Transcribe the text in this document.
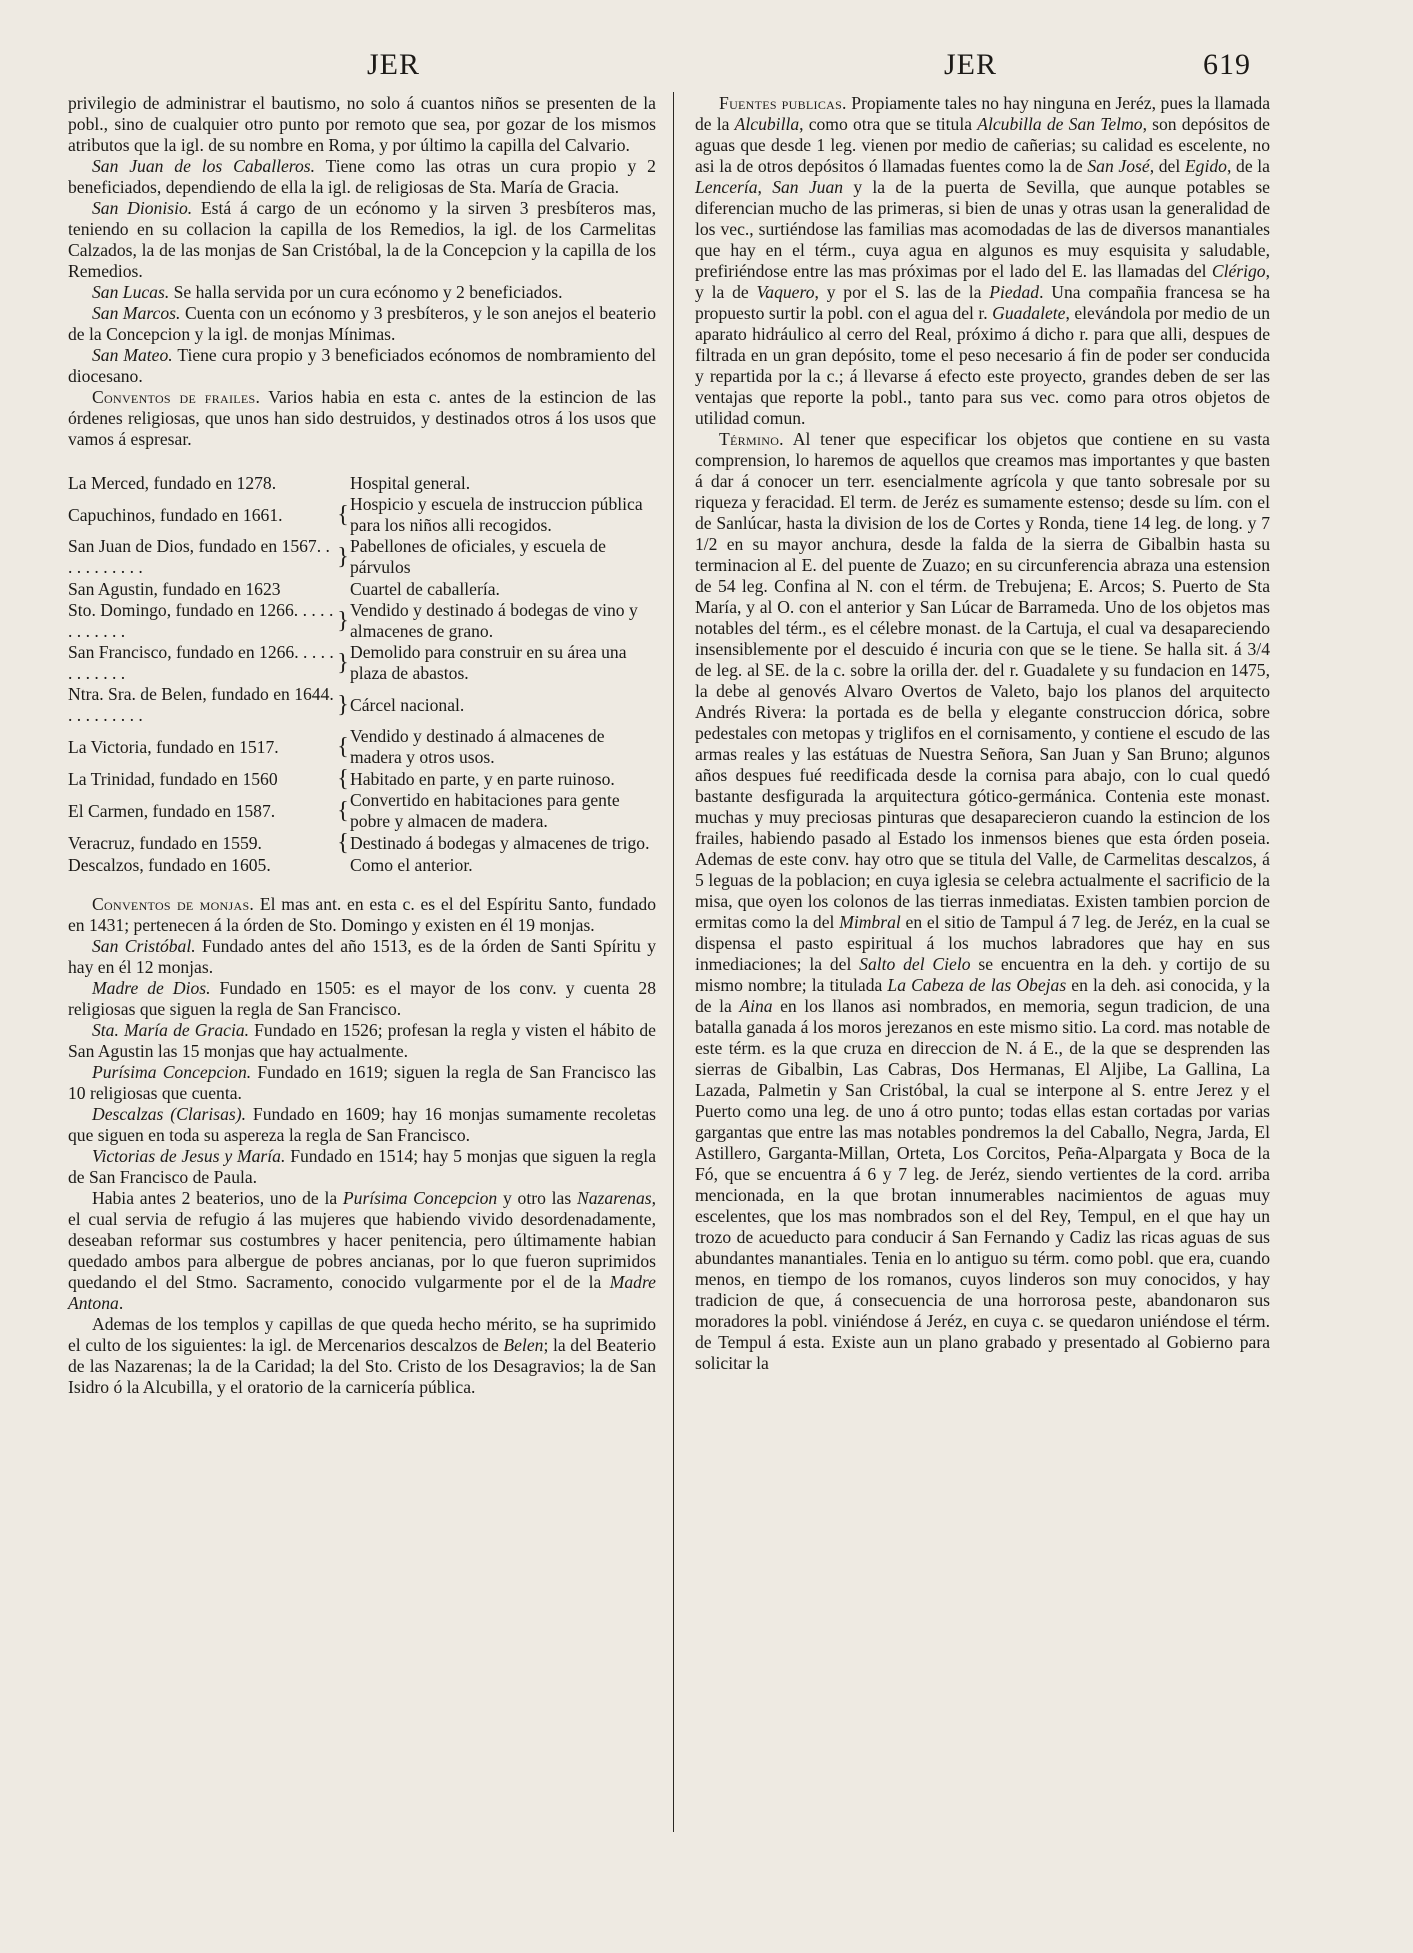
JER	JER	619

privilegio de administrar el bautismo, no solo á cuantos niños se presenten de la pobl., sino de cualquier otro punto por remoto que sea, por gozar de los mismos atributos que la igl. de su nombre en Roma, y por último la capilla del Calvario.

San Juan de los Caballeros. Tiene como las otras un cura propio y 2 beneficiados, dependiendo de ella la igl. de religiosas de Sta. María de Gracia.

San Dionisio. Está á cargo de un ecónomo y la sirven 3 presbíteros mas, teniendo en su collacion la capilla de los Remedios, la igl. de los Carmelitas Calzados, la de las monjas de San Cristóbal, la de la Concepcion y la capilla de los Remedios.

San Lucas. Se halla servida por un cura ecónomo y 2 beneficiados.

San Marcos. Cuenta con un ecónomo y 3 presbíteros, y le son anejos el beaterio de la Concepcion y la igl. de monjas Mínimas.

San Mateo. Tiene cura propio y 3 beneficiados ecónomos de nombramiento del diocesano.

Conventos de frailes. Varios habia en esta c. antes de la estincion de las órdenes religiosas, que unos han sido destruidos, y destinados otros á los usos que vamos á espresar.

La Merced, fundado en 1278.		Hospital general.
Capuchinos, fundado en 1661.	{	Hospicio y escuela de instruccion pública para los niños alli recogidos.
San Juan de Dios, fundado en 1567. . . . . . . . . . .	}	Pabellones de oficiales, y escuela de párvulos
San Agustin, fundado en 1623		Cuartel de caballería.
Sto. Domingo, fundado en 1266. . . . . . . . . . . .	}	Vendido y destinado á bodegas de vino y almacenes de grano.
San Francisco, fundado en 1266. . . . . . . . . . . .	}	Demolido para construir en su área una plaza de abastos.
Ntra. Sra. de Belen, fundado en 1644. . . . . . . . . .	}	Cárcel nacional.
La Victoria, fundado en 1517.	{	Vendido y destinado á almacenes de madera y otros usos.
La Trinidad, fundado en 1560	{	Habitado en parte, y en parte ruinoso.
El Carmen, fundado en 1587.	{	Convertido en habitaciones para gente pobre y almacen de madera.
Veracruz, fundado en 1559.	{	Destinado á bodegas y almacenes de trigo.
Descalzos, fundado en 1605.		Como el anterior.

Conventos de monjas. El mas ant. en esta c. es el del Espíritu Santo, fundado en 1431; pertenecen á la órden de Sto. Domingo y existen en él 19 monjas.

San Cristóbal. Fundado antes del año 1513, es de la órden de Santi Spíritu y hay en él 12 monjas.

Madre de Dios. Fundado en 1505: es el mayor de los conv. y cuenta 28 religiosas que siguen la regla de San Francisco.

Sta. María de Gracia. Fundado en 1526; profesan la regla y visten el hábito de San Agustin las 15 monjas que hay actualmente.

Purísima Concepcion. Fundado en 1619; siguen la regla de San Francisco las 10 religiosas que cuenta.

Descalzas (Clarisas). Fundado en 1609; hay 16 monjas sumamente recoletas que siguen en toda su aspereza la regla de San Francisco.

Victorias de Jesus y María. Fundado en 1514; hay 5 monjas que siguen la regla de San Francisco de Paula.

Habia antes 2 beaterios, uno de la Purísima Concepcion y otro las Nazarenas, el cual servia de refugio á las mujeres que habiendo vivido desordenadamente, deseaban reformar sus costumbres y hacer penitencia, pero últimamente habian quedado ambos para albergue de pobres ancianas, por lo que fueron suprimidos quedando el del Stmo. Sacramento, conocido vulgarmente por el de la Madre Antona.

Ademas de los templos y capillas de que queda hecho mérito, se ha suprimido el culto de los siguientes: la igl. de Mercenarios descalzos de Belen; la del Beaterio de las Nazarenas; la de la Caridad; la del Sto. Cristo de los Desagravios; la de San Isidro ó la Alcubilla, y el oratorio de la carnicería pública.

Fuentes publicas. Propiamente tales no hay ninguna en Jeréz, pues la llamada de la Alcubilla, como otra que se titula Alcubilla de San Telmo, son depósitos de aguas que desde 1 leg. vienen por medio de cañerias; su calidad es escelente, no asi la de otros depósitos ó llamadas fuentes como la de San José, del Egido, de la Lencería, San Juan y la de la puerta de Sevilla, que aunque potables se diferencian mucho de las primeras, si bien de unas y otras usan la generalidad de los vec., surtiéndose las familias mas acomodadas de las de diversos manantiales que hay en el térm., cuya agua en algunos es muy esquisita y saludable, prefiriéndose entre las mas próximas por el lado del E. las llamadas del Clérigo, y la de Vaquero, y por el S. las de la Piedad. Una compañia francesa se ha propuesto surtir la pobl. con el agua del r. Guadalete, elevándola por medio de un aparato hidráulico al cerro del Real, próximo á dicho r. para que alli, despues de filtrada en un gran depósito, tome el peso necesario á fin de poder ser conducida y repartida por la c.; á llevarse á efecto este proyecto, grandes deben de ser las ventajas que reporte la pobl., tanto para sus vec. como para otros objetos de utilidad comun.

Término. Al tener que especificar los objetos que contiene en su vasta comprension, lo haremos de aquellos que creamos mas importantes y que basten á dar á conocer un terr. esencialmente agrícola y que tanto sobresale por su riqueza y feracidad. El term. de Jeréz es sumamente estenso; desde su lím. con el de Sanlúcar, hasta la division de los de Cortes y Ronda, tiene 14 leg. de long. y 7 1/2 en su mayor anchura, desde la falda de la sierra de Gibalbin hasta su terminacion al E. del puente de Zuazo; en su circunferencia abraza una estension de 54 leg. Confina al N. con el térm. de Trebujena; E. Arcos; S. Puerto de Sta María, y al O. con el anterior y San Lúcar de Barrameda. Uno de los objetos mas notables del térm., es el célebre monast. de la Cartuja, el cual va desapareciendo insensiblemente por el descuido é incuria con que se le tiene. Se halla sit. á 3/4 de leg. al SE. de la c. sobre la orilla der. del r. Guadalete y su fundacion en 1475, la debe al genovés Alvaro Overtos de Valeto, bajo los planos del arquitecto Andrés Rivera: la portada es de bella y elegante construccion dórica, sobre pedestales con metopas y triglifos en el cornisamento, y contiene el escudo de las armas reales y las estátuas de Nuestra Señora, San Juan y San Bruno; algunos años despues fué reedificada desde la cornisa para abajo, con lo cual quedó bastante desfigurada la arquitectura gótico-germánica. Contenia este monast. muchas y muy preciosas pinturas que desaparecieron cuando la estincion de los frailes, habiendo pasado al Estado los inmensos bienes que esta órden poseia. Ademas de este conv. hay otro que se titula del Valle, de Carmelitas descalzos, á 5 leguas de la poblacion; en cuya iglesia se celebra actualmente el sacrificio de la misa, que oyen los colonos de las tierras inmediatas. Existen tambien porcion de ermitas como la del Mimbral en el sitio de Tampul á 7 leg. de Jeréz, en la cual se dispensa el pasto espiritual á los muchos labradores que hay en sus inmediaciones; la del Salto del Cielo se encuentra en la deh. y cortijo de su mismo nombre; la titulada La Cabeza de las Obejas en la deh. asi conocida, y la de la Aina en los llanos asi nombrados, en memoria, segun tradicion, de una batalla ganada á los moros jerezanos en este mismo sitio. La cord. mas notable de este térm. es la que cruza en direccion de N. á E., de la que se desprenden las sierras de Gibalbin, Las Cabras, Dos Hermanas, El Aljibe, La Gallina, La Lazada, Palmetin y San Cristóbal, la cual se interpone al S. entre Jerez y el Puerto como una leg. de uno á otro punto; todas ellas estan cortadas por varias gargantas que entre las mas notables pondremos la del Caballo, Negra, Jarda, El Astillero, Garganta-Millan, Orteta, Los Corcitos, Peña-Alpargata y Boca de la Fó, que se encuentra á 6 y 7 leg. de Jeréz, siendo vertientes de la cord. arriba mencionada, en la que brotan innumerables nacimientos de aguas muy escelentes, que los mas nombrados son el del Rey, Tempul, en el que hay un trozo de acueducto para conducir á San Fernando y Cadiz las ricas aguas de sus abundantes manantiales. Tenia en lo antiguo su térm. como pobl. que era, cuando menos, en tiempo de los romanos, cuyos linderos son muy conocidos, y hay tradicion de que, á consecuencia de una horrorosa peste, abandonaron sus moradores la pobl. viniéndose á Jeréz, en cuya c. se quedaron uniéndose el térm. de Tempul á esta. Existe aun un plano grabado y presentado al Gobierno para solicitar la
